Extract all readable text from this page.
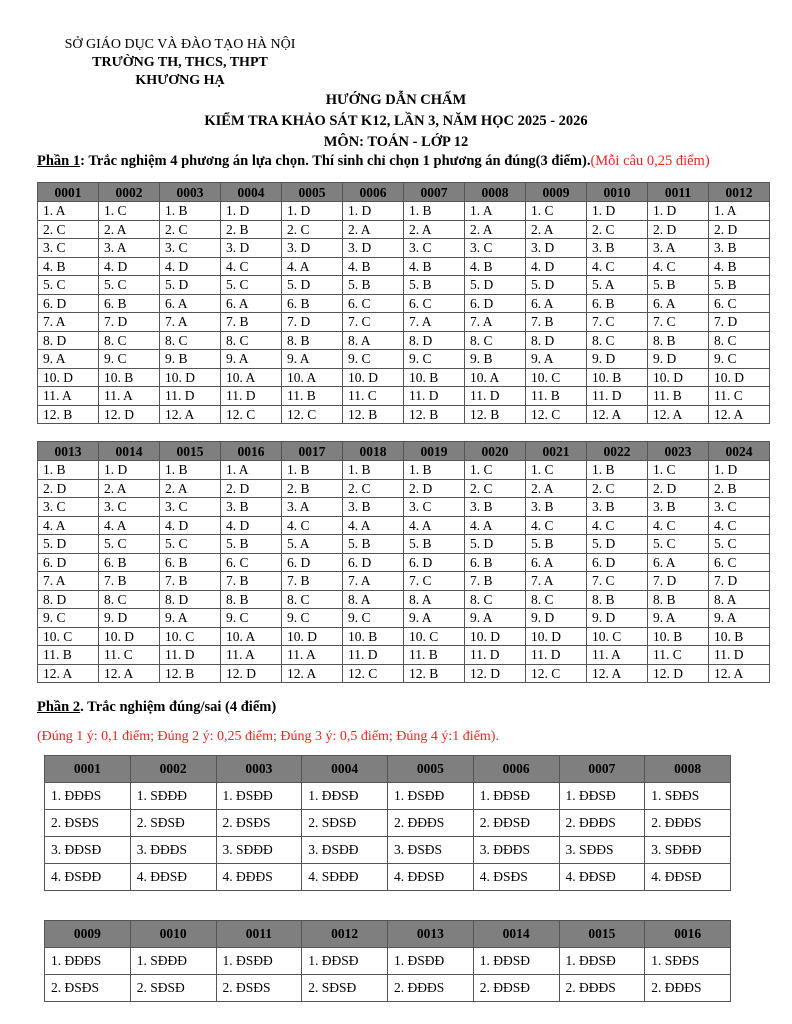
SỞ GIÁO DỤC VÀ ĐÀO TẠO HÀ NỘI
TRƯỜNG TH, THCS, THPT
KHƯƠNG HẠ
HƯỚNG DẪN CHẤM
KIỂM TRA KHẢO SÁT K12, LẦN 3, NĂM HỌC 2025 - 2026
MÔN: TOÁN - LỚP 12
Phần 1: Trắc nghiệm 4 phương án lựa chọn. Thí sinh chỉ chọn 1 phương án đúng(3 điểm).(Mỗi câu 0,25 điểm)
0001	0002	0003	0004	0005	0006	0007	0008	0009	0010	0011	0012
1. A	1. C	1. B	1. D	1. D	1. D	1. B	1. A	1. C	1. D	1. D	1. A
2. C	2. A	2. C	2. B	2. C	2. A	2. A	2. A	2. A	2. C	2. D	2. D
3. C	3. A	3. C	3. D	3. D	3. D	3. C	3. C	3. D	3. B	3. A	3. B
4. B	4. D	4. D	4. C	4. A	4. B	4. B	4. B	4. D	4. C	4. C	4. B
5. C	5. C	5. D	5. C	5. D	5. B	5. B	5. D	5. D	5. A	5. B	5. B
6. D	6. B	6. A	6. A	6. B	6. C	6. C	6. D	6. A	6. B	6. A	6. C
7. A	7. D	7. A	7. B	7. D	7. C	7. A	7. A	7. B	7. C	7. C	7. D
8. D	8. C	8. C	8. C	8. B	8. A	8. D	8. C	8. D	8. C	8. B	8. C
9. A	9. C	9. B	9. A	9. A	9. C	9. C	9. B	9. A	9. D	9. D	9. C
10. D	10. B	10. D	10. A	10. A	10. D	10. B	10. A	10. C	10. B	10. D	10. D
11. A	11. A	11. D	11. D	11. B	11. C	11. D	11. D	11. B	11. D	11. B	11. C
12. B	12. D	12. A	12. C	12. C	12. B	12. B	12. B	12. C	12. A	12. A	12. A
0013	0014	0015	0016	0017	0018	0019	0020	0021	0022	0023	0024
1. B	1. D	1. B	1. A	1. B	1. B	1. B	1. C	1. C	1. B	1. C	1. D
2. D	2. A	2. A	2. D	2. B	2. C	2. D	2. C	2. A	2. C	2. D	2. B
3. C	3. C	3. C	3. B	3. A	3. B	3. C	3. B	3. B	3. B	3. B	3. C
4. A	4. A	4. D	4. D	4. C	4. A	4. A	4. A	4. C	4. C	4. C	4. C
5. D	5. C	5. C	5. B	5. A	5. B	5. B	5. D	5. B	5. D	5. C	5. C
6. D	6. B	6. B	6. C	6. D	6. D	6. D	6. B	6. A	6. D	6. A	6. C
7. A	7. B	7. B	7. B	7. B	7. A	7. C	7. B	7. A	7. C	7. D	7. D
8. D	8. C	8. D	8. B	8. C	8. A	8. A	8. C	8. C	8. B	8. B	8. A
9. C	9. D	9. A	9. C	9. C	9. C	9. A	9. A	9. D	9. D	9. A	9. A
10. C	10. D	10. C	10. A	10. D	10. B	10. C	10. D	10. D	10. C	10. B	10. B
11. B	11. C	11. D	11. A	11. A	11. D	11. B	11. D	11. D	11. A	11. C	11. D
12. A	12. A	12. B	12. D	12. A	12. C	12. B	12. D	12. C	12. A	12. D	12. A
Phần 2. Trắc nghiệm đúng/sai (4 điểm)
(Đúng 1 ý: 0,1 điểm; Đúng 2 ý: 0,25 điểm; Đúng 3 ý: 0,5 điểm; Đúng 4 ý:1 điểm).
0001	0002	0003	0004	0005	0006	0007	0008
1. ĐĐĐS	1. SĐĐĐ	1. ĐSĐĐ	1. ĐĐSĐ	1. ĐSĐĐ	1. ĐĐSĐ	1. ĐĐSĐ	1. SĐĐS
2. ĐSĐS	2. SĐSĐ	2. ĐSĐS	2. SĐSĐ	2. ĐĐĐS	2. ĐĐSĐ	2. ĐĐĐS	2. ĐĐĐS
3. ĐĐSĐ	3. ĐĐĐS	3. SĐĐĐ	3. ĐSĐĐ	3. ĐSĐS	3. ĐĐĐS	3. SĐĐS	3. SĐĐĐ
4. ĐSĐĐ	4. ĐĐSĐ	4. ĐĐĐS	4. SĐĐĐ	4. ĐĐSĐ	4. ĐSĐS	4. ĐĐSĐ	4. ĐĐSĐ
0009	0010	0011	0012	0013	0014	0015	0016
1. ĐĐĐS	1. SĐĐĐ	1. ĐSĐĐ	1. ĐĐSĐ	1. ĐSĐĐ	1. ĐĐSĐ	1. ĐĐSĐ	1. SĐĐS
2. ĐSĐS	2. SĐSĐ	2. ĐSĐS	2. SĐSĐ	2. ĐĐĐS	2. ĐĐSĐ	2. ĐĐĐS	2. ĐĐĐS
